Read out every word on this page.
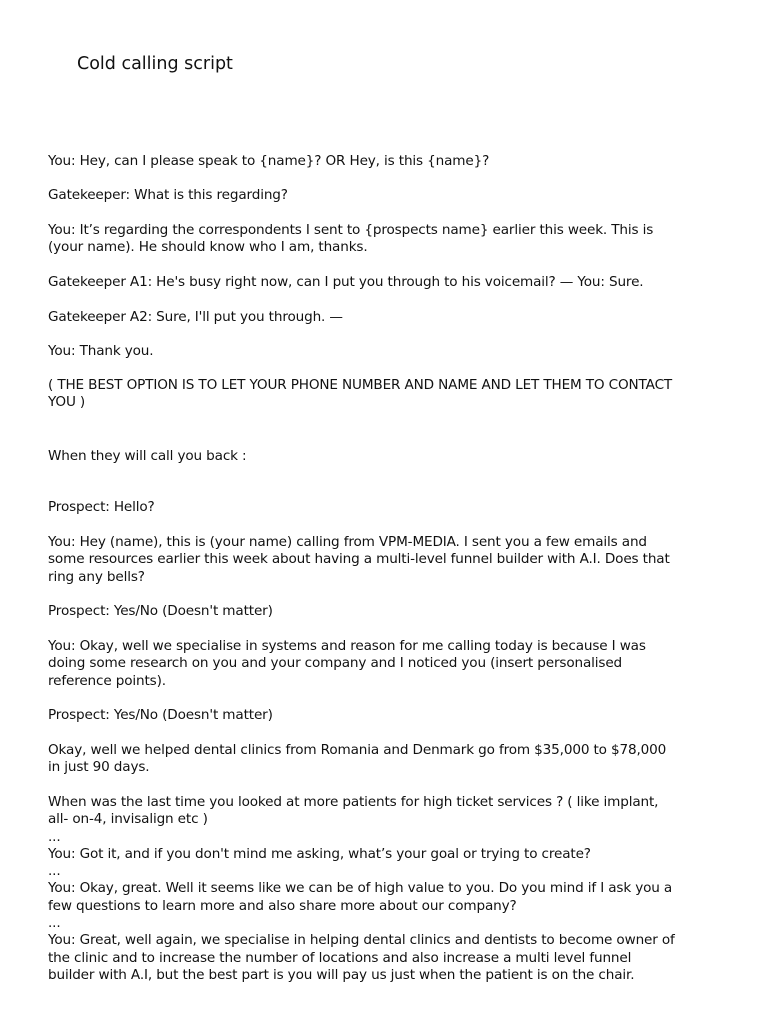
Cold calling script

You: Hey, can I please speak to {name}? OR Hey, is this {name}?

Gatekeeper: What is this regarding?

You: It’s regarding the correspondents I sent to {prospects name} earlier this week. This is
(your name). He should know who I am, thanks.

Gatekeeper A1: He's busy right now, can I put you through to his voicemail? — You: Sure.

Gatekeeper A2: Sure, I'll put you through. —

You: Thank you.

( THE BEST OPTION IS TO LET YOUR PHONE NUMBER AND NAME AND LET THEM TO CONTACT
YOU )

When they will call you back :

Prospect: Hello?

You: Hey (name), this is (your name) calling from VPM-MEDIA. I sent you a few emails and
some resources earlier this week about having a multi-level funnel builder with A.I. Does that
ring any bells?

Prospect: Yes/No (Doesn't matter)

You: Okay, well we specialise in systems and reason for me calling today is because I was
doing some research on you and your company and I noticed you (insert personalised
reference points).

Prospect: Yes/No (Doesn't matter)

Okay, well we helped dental clinics from Romania and Denmark go from $35,000 to $78,000
in just 90 days.

When was the last time you looked at more patients for high ticket services ? ( like implant,
all- on-4, invisalign etc )
...
You: Got it, and if you don't mind me asking, what’s your goal or trying to create?
...
You: Okay, great. Well it seems like we can be of high value to you. Do you mind if I ask you a
few questions to learn more and also share more about our company?
...
You: Great, well again, we specialise in helping dental clinics and dentists to become owner of
the clinic and to increase the number of locations and also increase a multi level funnel
builder with A.I, but the best part is you will pay us just when the patient is on the chair.
